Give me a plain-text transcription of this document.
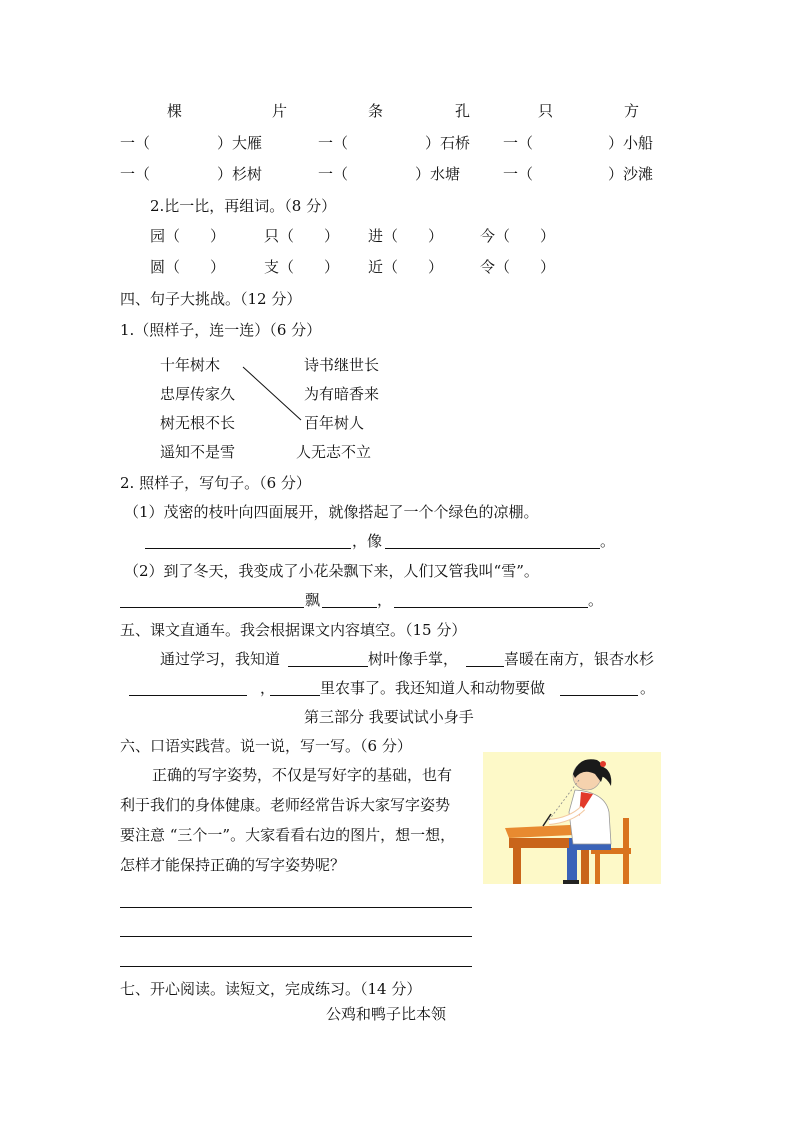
棵	片	条	孔	只	方
一（	）大雁	一（	）石桥 一（	）小船
一（	）杉树	一（	）水塘	一（	）沙滩
2.比一比，再组词。（8 分）
园（　　）	只（　　） 进（　　） 今（　　）
圆（　　）	支（　　） 近（　　） 令（　　）
四、句子大挑战。（12 分）
1.（照样子，连一连）（6 分）
十年树木
忠厚传家久
树无根不长
遥知不是雪
诗书继世长
为有暗香来
百年树人
人无志不立
2. 照样子，写句子。（6 分）
（1）茂密的枝叶向四面展开，就像搭起了一个个绿色的凉棚。
，像	。
（2）到了冬天，我变成了小花朵飘下来，人们又管我叫“雪”。
飘	，	。
五、课文直通车。我会根据课文内容填空。（15 分）
通过学习，我知道	树叶像手掌，	喜暖在南方，银杏水杉
，	里农事了。我还知道人和动物要做	。
第三部分 我要试试小身手
六、口语实践营。说一说，写一写。（6 分）
正确的写字姿势，不仅是写好字的基础，也有
利于我们的身体健康。老师经常告诉大家写字姿势
要注意 “三个一”。大家看看右边的图片，想一想，
怎样才能保持正确的写字姿势呢？
七、开心阅读。读短文，完成练习。（14 分）
公鸡和鸭子比本领
